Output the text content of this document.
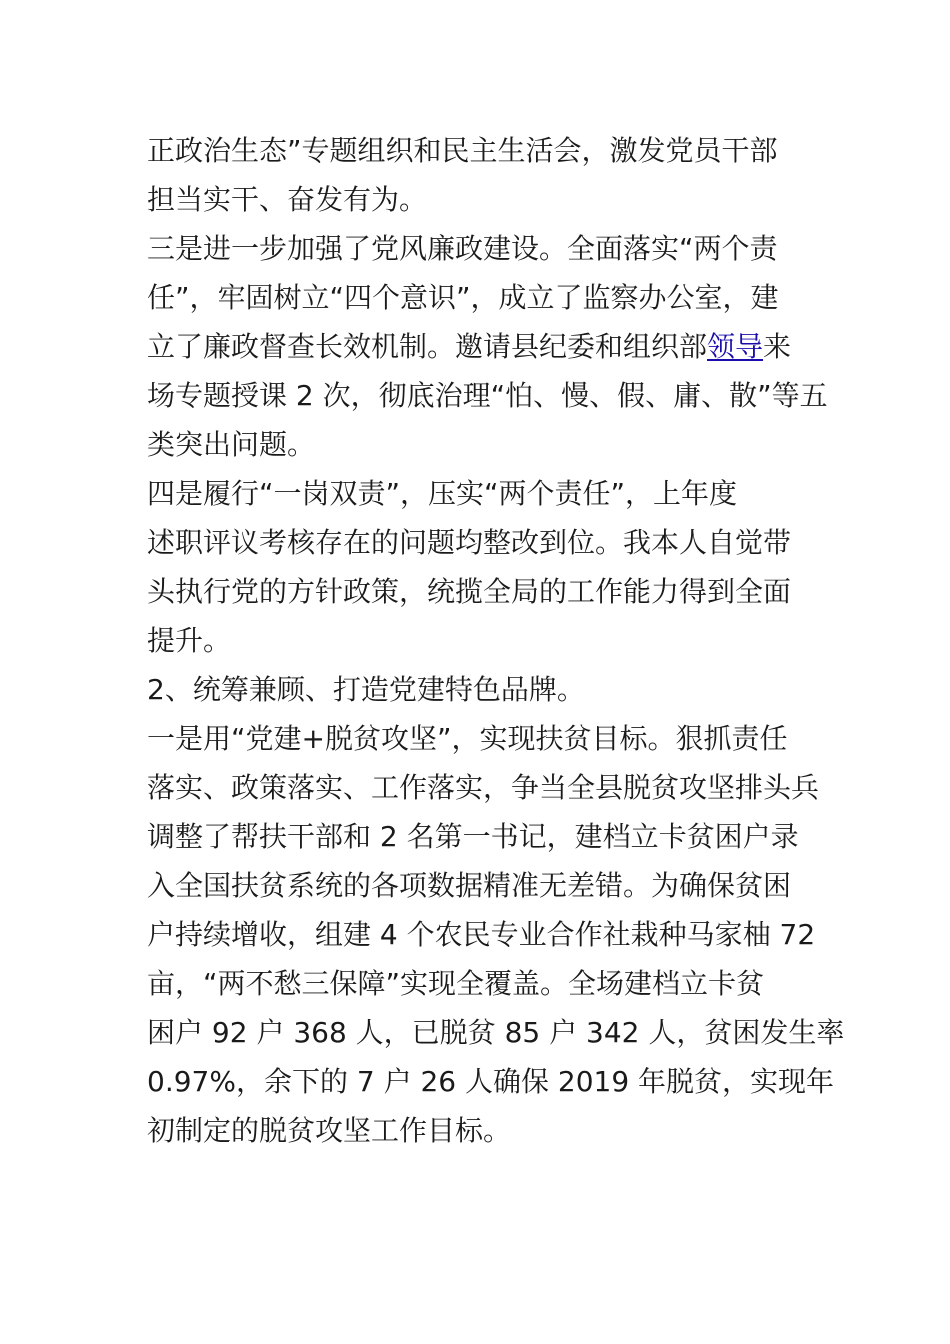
正政治生态”专题组织和民主生活会，激发党员干部
担当实干、奋发有为。
三是进一步加强了党风廉政建设。全面落实“两个责
任”，牢固树立“四个意识”，成立了监察办公室，建
立了廉政督查长效机制。邀请县纪委和组织部领导来
场专题授课 2 次，彻底治理“怕、慢、假、庸、散”等五
类突出问题。
四是履行“一岗双责”，压实“两个责任”，上年度
述职评议考核存在的问题均整改到位。我本人自觉带
头执行党的方针政策，统揽全局的工作能力得到全面
提升。
2、统筹兼顾、打造党建特色品牌。
一是用“党建+脱贫攻坚”，实现扶贫目标。狠抓责任
落实、政策落实、工作落实，争当全县脱贫攻坚排头兵
调整了帮扶干部和 2 名第一书记，建档立卡贫困户录
入全国扶贫系统的各项数据精准无差错。为确保贫困
户持续增收，组建 4 个农民专业合作社栽种马家柚 72
亩，“两不愁三保障”实现全覆盖。全场建档立卡贫
困户 92 户 368 人，已脱贫 85 户 342 人，贫困发生率
0.97%，余下的 7 户 26 人确保 2019 年脱贫，实现年
初制定的脱贫攻坚工作目标。
